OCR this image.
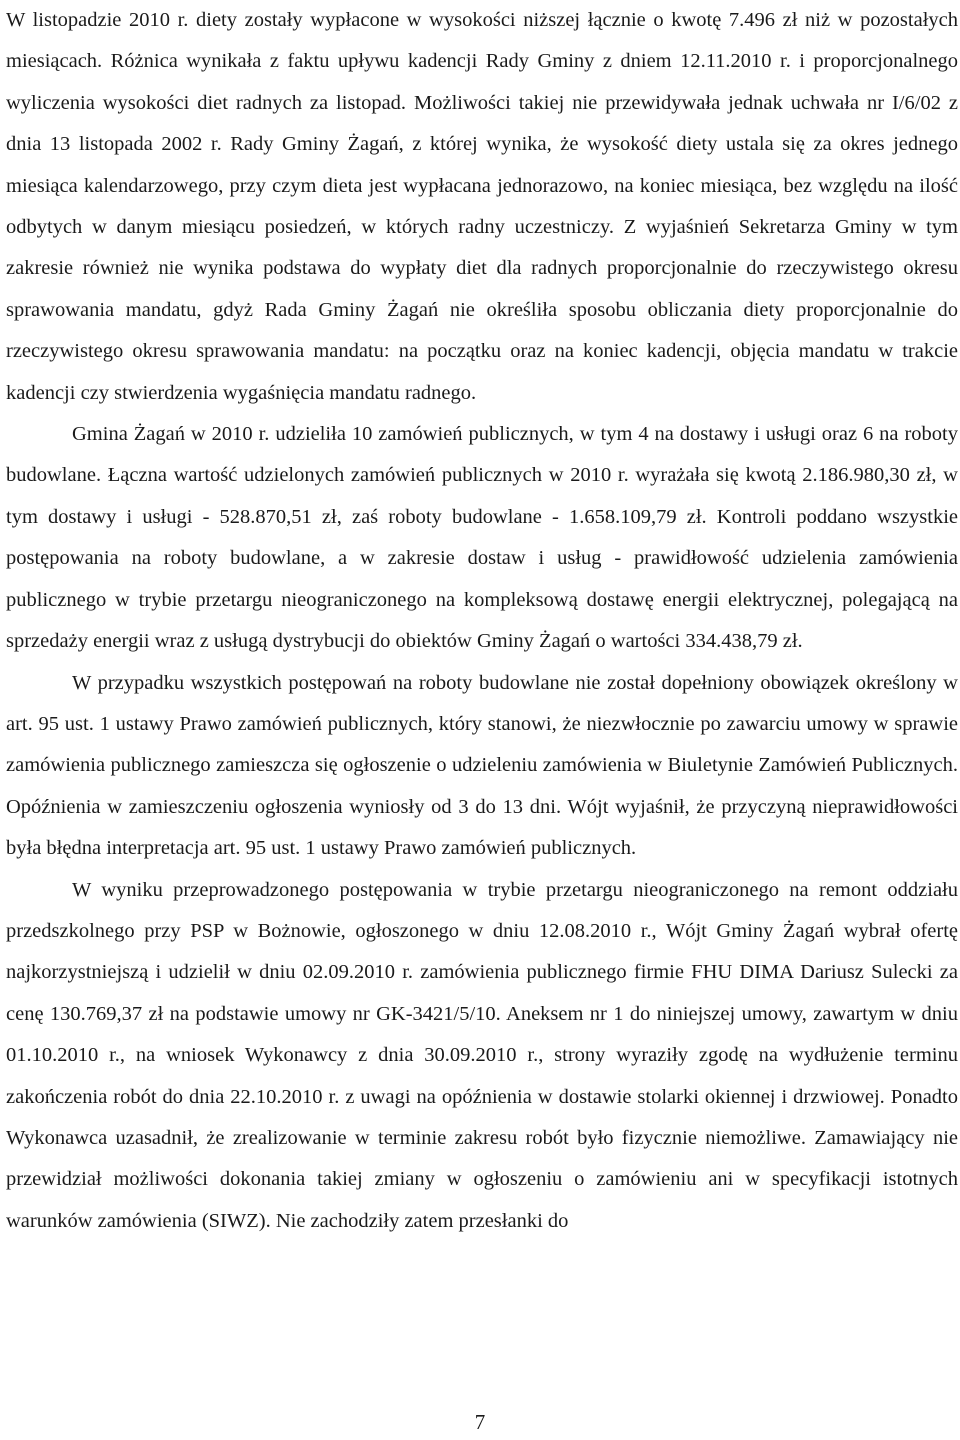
W listopadzie 2010 r. diety zostały wypłacone w wysokości niższej łącznie o kwotę 7.496 zł niż w pozostałych miesiącach. Różnica wynikała z faktu upływu kadencji Rady Gminy z dniem 12.11.2010 r. i proporcjonalnego wyliczenia wysokości diet radnych za listopad. Możliwości takiej nie przewidywała jednak uchwała nr I/6/02 z dnia 13 listopada 2002 r. Rady Gminy Żagań, z której wynika, że wysokość diety ustala się za okres jednego miesiąca kalendarzowego, przy czym dieta jest wypłacana jednorazowo, na koniec miesiąca, bez względu na ilość odbytych w danym miesiącu posiedzeń, w których radny uczestniczy. Z wyjaśnień Sekretarza Gminy w tym zakresie również nie wynika podstawa do wypłaty diet dla radnych proporcjonalnie do rzeczywistego okresu sprawowania mandatu, gdyż Rada Gminy Żagań nie określiła sposobu obliczania diety proporcjonalnie do rzeczywistego okresu sprawowania mandatu: na początku oraz na koniec kadencji, objęcia mandatu w trakcie kadencji czy stwierdzenia wygaśnięcia mandatu radnego.

Gmina Żagań w 2010 r. udzieliła 10 zamówień publicznych, w tym 4 na dostawy i usługi oraz 6 na roboty budowlane. Łączna wartość udzielonych zamówień publicznych w 2010 r. wyrażała się kwotą 2.186.980,30 zł, w tym dostawy i usługi - 528.870,51 zł, zaś roboty budowlane - 1.658.109,79 zł. Kontroli poddano wszystkie postępowania na roboty budowlane, a w zakresie dostaw i usług - prawidłowość udzielenia zamówienia publicznego w trybie przetargu nieograniczonego na kompleksową dostawę energii elektrycznej, polegającą na sprzedaży energii wraz z usługą dystrybucji do obiektów Gminy Żagań o wartości 334.438,79 zł.

W przypadku wszystkich postępowań na roboty budowlane nie został dopełniony obowiązek określony w art. 95 ust. 1 ustawy Prawo zamówień publicznych, który stanowi, że niezwłocznie po zawarciu umowy w sprawie zamówienia publicznego zamieszcza się ogłoszenie o udzieleniu zamówienia w Biuletynie Zamówień Publicznych. Opóźnienia w zamieszczeniu ogłoszenia wyniosły od 3 do 13 dni. Wójt wyjaśnił, że przyczyną nieprawidłowości była błędna interpretacja art. 95 ust. 1 ustawy Prawo zamówień publicznych.

W wyniku przeprowadzonego postępowania w trybie przetargu nieograniczonego na remont oddziału przedszkolnego przy PSP w Bożnowie, ogłoszonego w dniu 12.08.2010 r., Wójt Gminy Żagań wybrał ofertę najkorzystniejszą i udzielił w dniu 02.09.2010 r. zamówienia publicznego firmie FHU DIMA Dariusz Sulecki za cenę 130.769,37 zł na podstawie umowy nr GK-3421/5/10. Aneksem nr 1 do niniejszej umowy, zawartym w dniu 01.10.2010 r., na wniosek Wykonawcy z dnia 30.09.2010 r., strony wyraziły zgodę na wydłużenie terminu zakończenia robót do dnia 22.10.2010 r. z uwagi na opóźnienia w dostawie stolarki okiennej i drzwiowej. Ponadto Wykonawca uzasadnił, że zrealizowanie w terminie zakresu robót było fizycznie niemożliwe. Zamawiający nie przewidział możliwości dokonania takiej zmiany w ogłoszeniu o zamówieniu ani w specyfikacji istotnych warunków zamówienia (SIWZ). Nie zachodziły zatem przesłanki do

7
